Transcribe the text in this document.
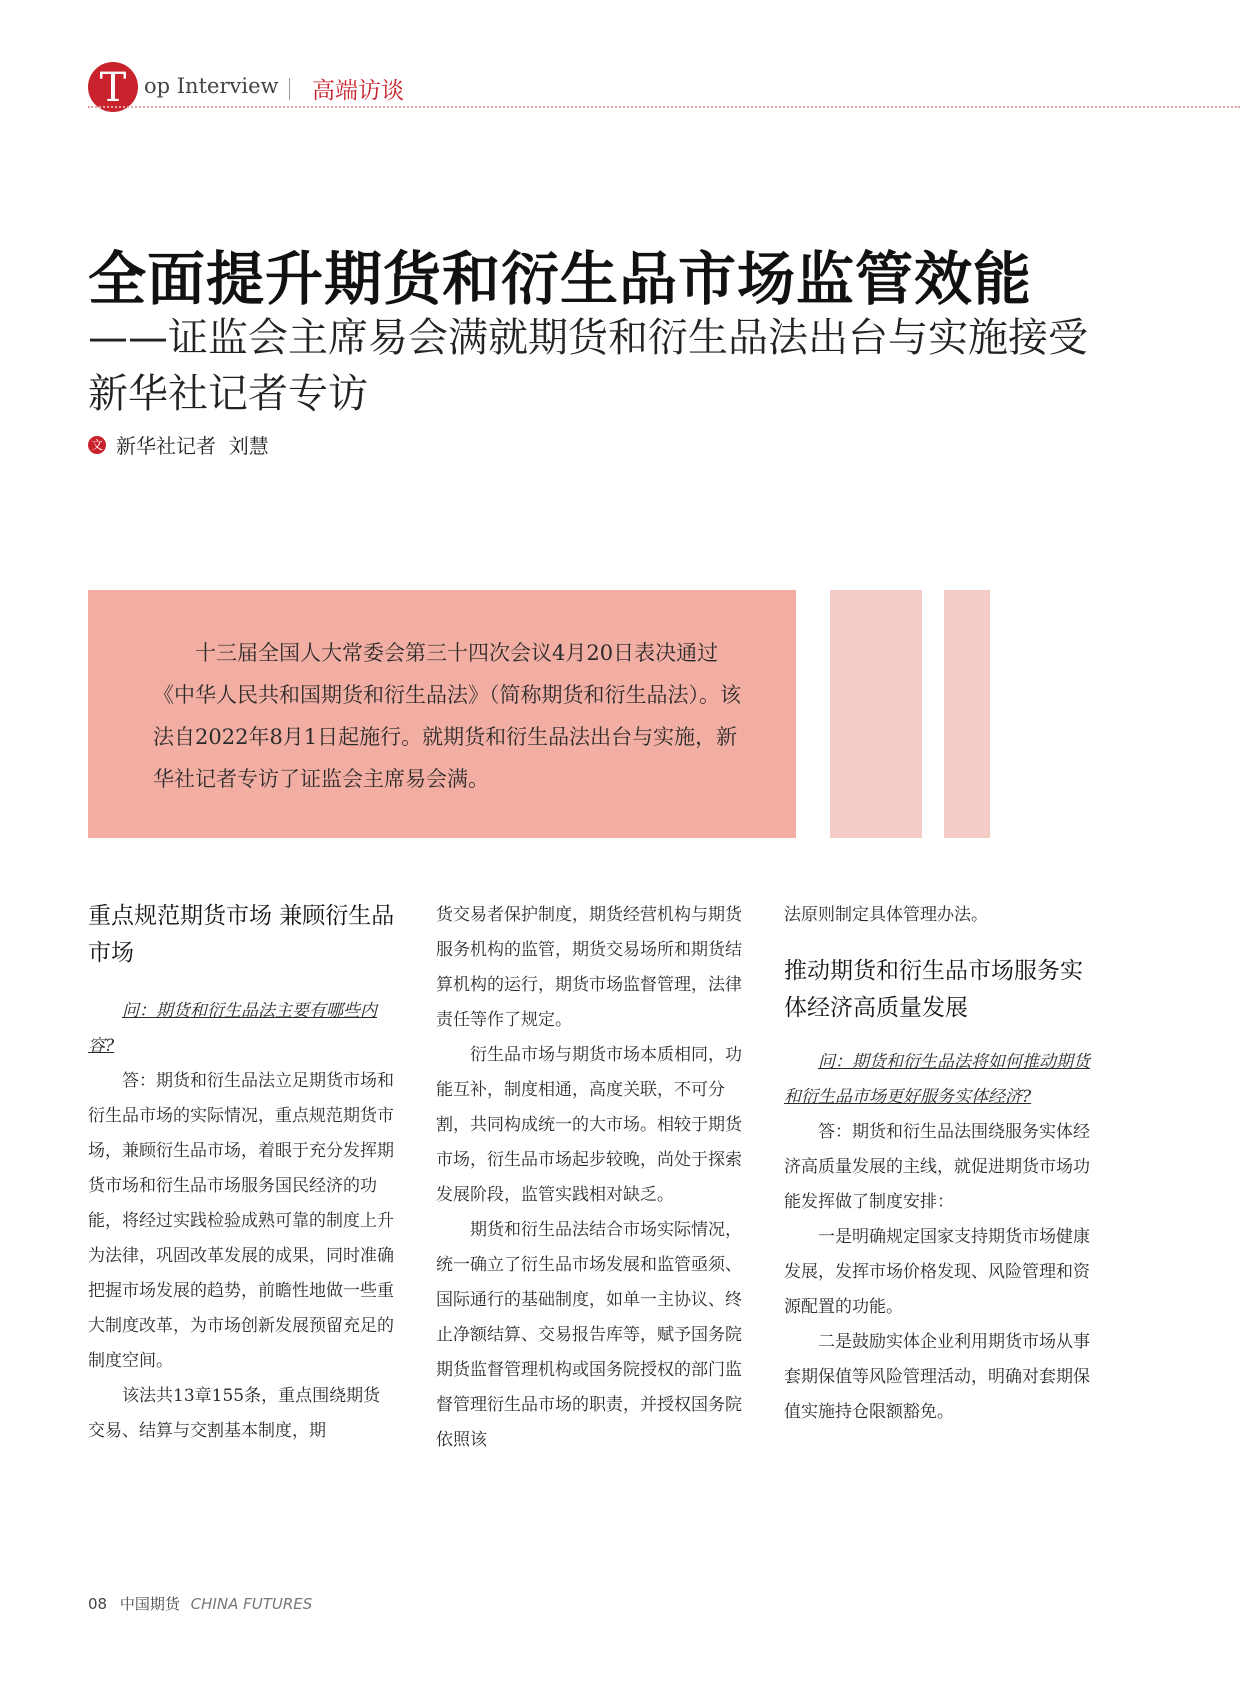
T op Interview 高端访谈
全面提升期货和衍生品市场监管效能
——证监会主席易会满就期货和衍生品法出台与实施接受新华社记者专访
文 新华社记者  刘慧
十三届全国人大常委会第三十四次会议4月20日表决通过《中华人民共和国期货和衍生品法》（简称期货和衍生品法）。该法自2022年8月1日起施行。就期货和衍生品法出台与实施，新华社记者专访了证监会主席易会满。
重点规范期货市场 兼顾衍生品市场

问：期货和衍生品法主要有哪些内容?

答：期货和衍生品法立足期货市场和衍生品市场的实际情况，重点规范期货市场，兼顾衍生品市场，着眼于充分发挥期货市场和衍生品市场服务国民经济的功能，将经过实践检验成熟可靠的制度上升为法律，巩固改革发展的成果，同时准确把握市场发展的趋势，前瞻性地做一些重大制度改革，为市场创新发展预留充足的制度空间。

该法共13章155条，重点围绕期货交易、结算与交割基本制度，期

货交易者保护制度，期货经营机构与期货服务机构的监管，期货交易场所和期货结算机构的运行，期货市场监督管理，法律责任等作了规定。

衍生品市场与期货市场本质相同，功能互补，制度相通，高度关联，不可分割，共同构成统一的大市场。相较于期货市场，衍生品市场起步较晚，尚处于探索发展阶段，监管实践相对缺乏。

期货和衍生品法结合市场实际情况，统一确立了衍生品市场发展和监管亟须、国际通行的基础制度，如单一主协议、终止净额结算、交易报告库等，赋予国务院期货监督管理机构或国务院授权的部门监督管理衍生品市场的职责，并授权国务院依照该

法原则制定具体管理办法。

推动期货和衍生品市场服务实体经济高质量发展

问：期货和衍生品法将如何推动期货和衍生品市场更好服务实体经济?

答：期货和衍生品法围绕服务实体经济高质量发展的主线，就促进期货市场功能发挥做了制度安排：

一是明确规定国家支持期货市场健康发展，发挥市场价格发现、风险管理和资源配置的功能。

二是鼓励实体企业利用期货市场从事套期保值等风险管理活动，明确对套期保值实施持仓限额豁免。

08 中国期货 CHINA FUTURES
